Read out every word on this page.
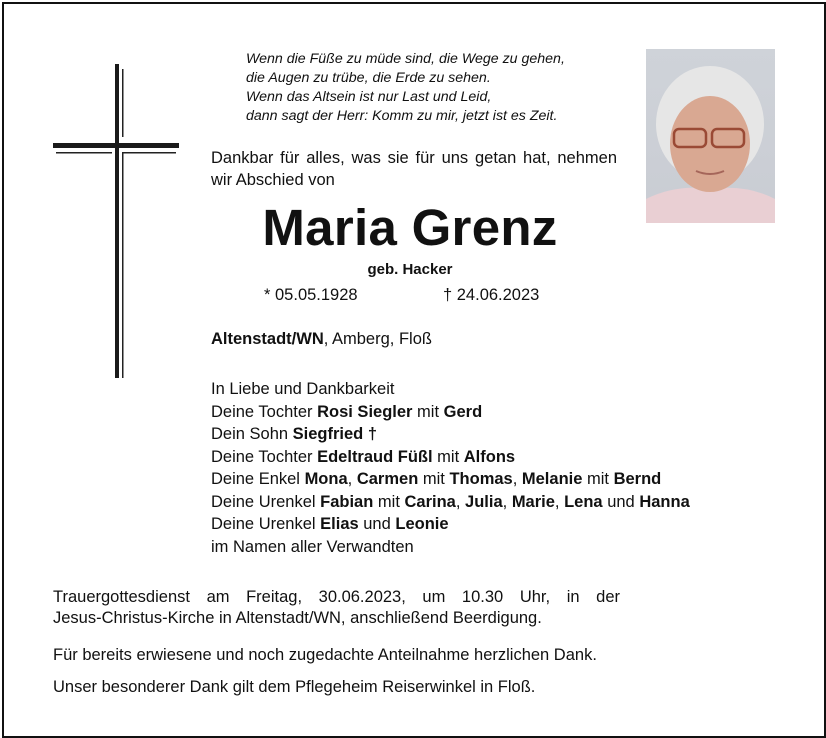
Wenn die Füße zu müde sind, die Wege zu gehen,
die Augen zu trübe, die Erde zu sehen.
Wenn das Altsein ist nur Last und Leid,
dann sagt der Herr: Komm zu mir, jetzt ist es Zeit.
Dankbar für alles, was sie für uns getan hat, nehmen wir Abschied von
Maria Grenz
geb. Hacker
* 05.05.1928	† 24.06.2023
Altenstadt/WN, Amberg, Floß
In Liebe und Dankbarkeit
Deine Tochter Rosi Siegler mit Gerd
Dein Sohn Siegfried †
Deine Tochter Edeltraud Füßl mit Alfons
Deine Enkel Mona, Carmen mit Thomas, Melanie mit Bernd
Deine Urenkel Fabian mit Carina, Julia, Marie, Lena und Hanna
Deine Urenkel Elias und Leonie
im Namen aller Verwandten
Trauergottesdienst am Freitag, 30.06.2023, um 10.30 Uhr, in der
Jesus-Christus-Kirche in Altenstadt/WN, anschließend Beerdigung.
Für bereits erwiesene und noch zugedachte Anteilnahme herzlichen Dank.
Unser besonderer Dank gilt dem Pflegeheim Reiserwinkel in Floß.
